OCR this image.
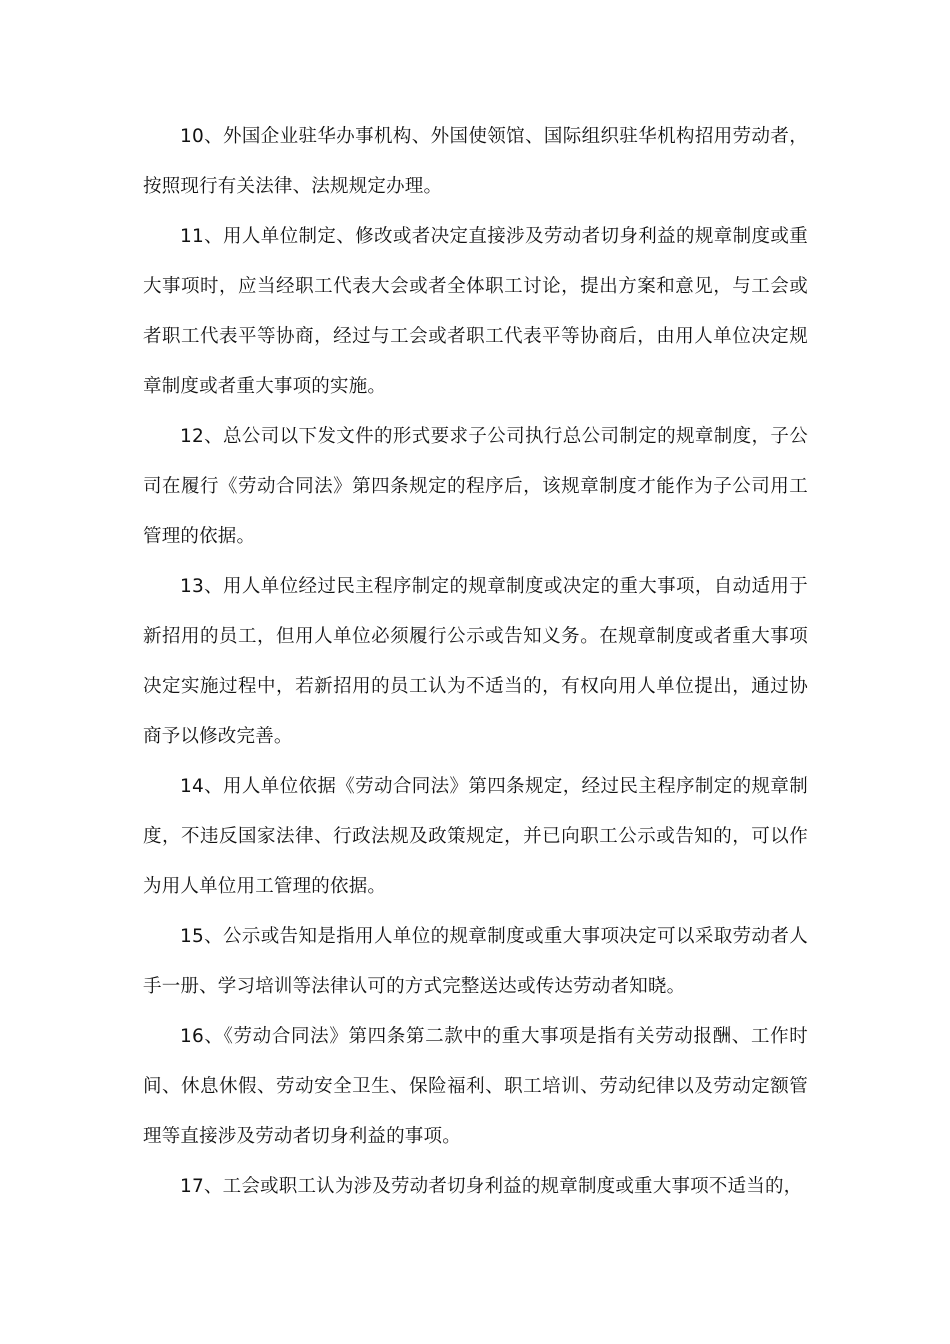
10、外国企业驻华办事机构、外国使领馆、国际组织驻华机构招用劳动者，按照现行有关法律、法规规定办理。

11、用人单位制定、修改或者决定直接涉及劳动者切身利益的规章制度或重大事项时，应当经职工代表大会或者全体职工讨论，提出方案和意见，与工会或者职工代表平等协商，经过与工会或者职工代表平等协商后，由用人单位决定规章制度或者重大事项的实施。

12、总公司以下发文件的形式要求子公司执行总公司制定的规章制度，子公司在履行《劳动合同法》第四条规定的程序后，该规章制度才能作为子公司用工管理的依据。

13、用人单位经过民主程序制定的规章制度或决定的重大事项，自动适用于新招用的员工，但用人单位必须履行公示或告知义务。在规章制度或者重大事项决定实施过程中，若新招用的员工认为不适当的，有权向用人单位提出，通过协商予以修改完善。

14、用人单位依据《劳动合同法》第四条规定，经过民主程序制定的规章制度，不违反国家法律、行政法规及政策规定，并已向职工公示或告知的，可以作为用人单位用工管理的依据。

15、公示或告知是指用人单位的规章制度或重大事项决定可以采取劳动者人手一册、学习培训等法律认可的方式完整送达或传达劳动者知晓。

16、《劳动合同法》第四条第二款中的重大事项是指有关劳动报酬、工作时间、休息休假、劳动安全卫生、保险福利、职工培训、劳动纪律以及劳动定额管理等直接涉及劳动者切身利益的事项。

17、工会或职工认为涉及劳动者切身利益的规章制度或重大事项不适当的，
